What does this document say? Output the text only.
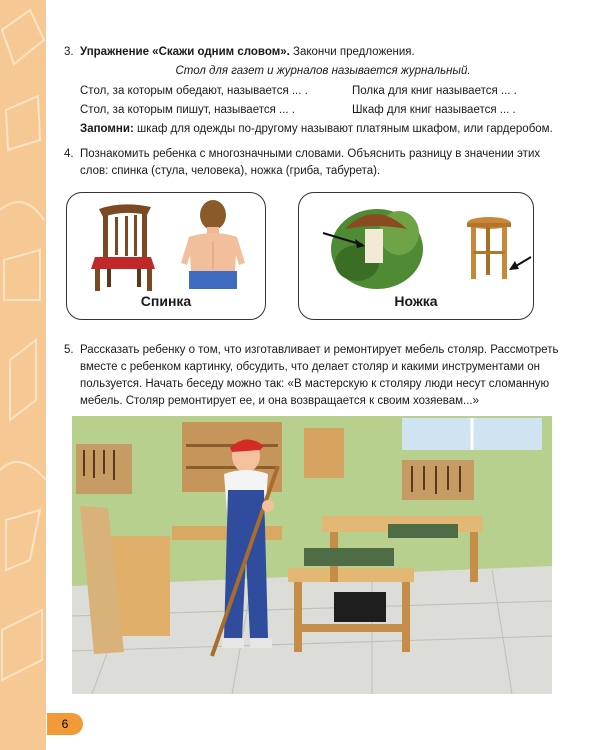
3. Упражнение «Скажи одним словом». Закончи предложения.
Стол для газет и журналов называется журнальный.
Стол, за которым обедают, называется ... .	Полка для книг называется ... .
Стол, за которым пишут, называется ... .	Шкаф для книг называется ... .
Запомни: шкаф для одежды по-другому называют платяным шкафом, или гардеробом.
4. Познакомить ребенка с многозначными словами. Объяснить разницу в значении этих слов: спинка (стула, человека), ножка (гриба, табурета).
Спинка	Ножка
5. Рассказать ребенку о том, что изготавливает и ремонтирует мебель столяр. Рассмотреть вместе с ребенком картинку, обсудить, что делает столяр и какими инструментами он пользуется. Начать беседу можно так: «В мастерскую к столяру люди несут сломанную мебель. Столяр ремонтирует ее, и она возвращается к своим хозяевам...»
6
